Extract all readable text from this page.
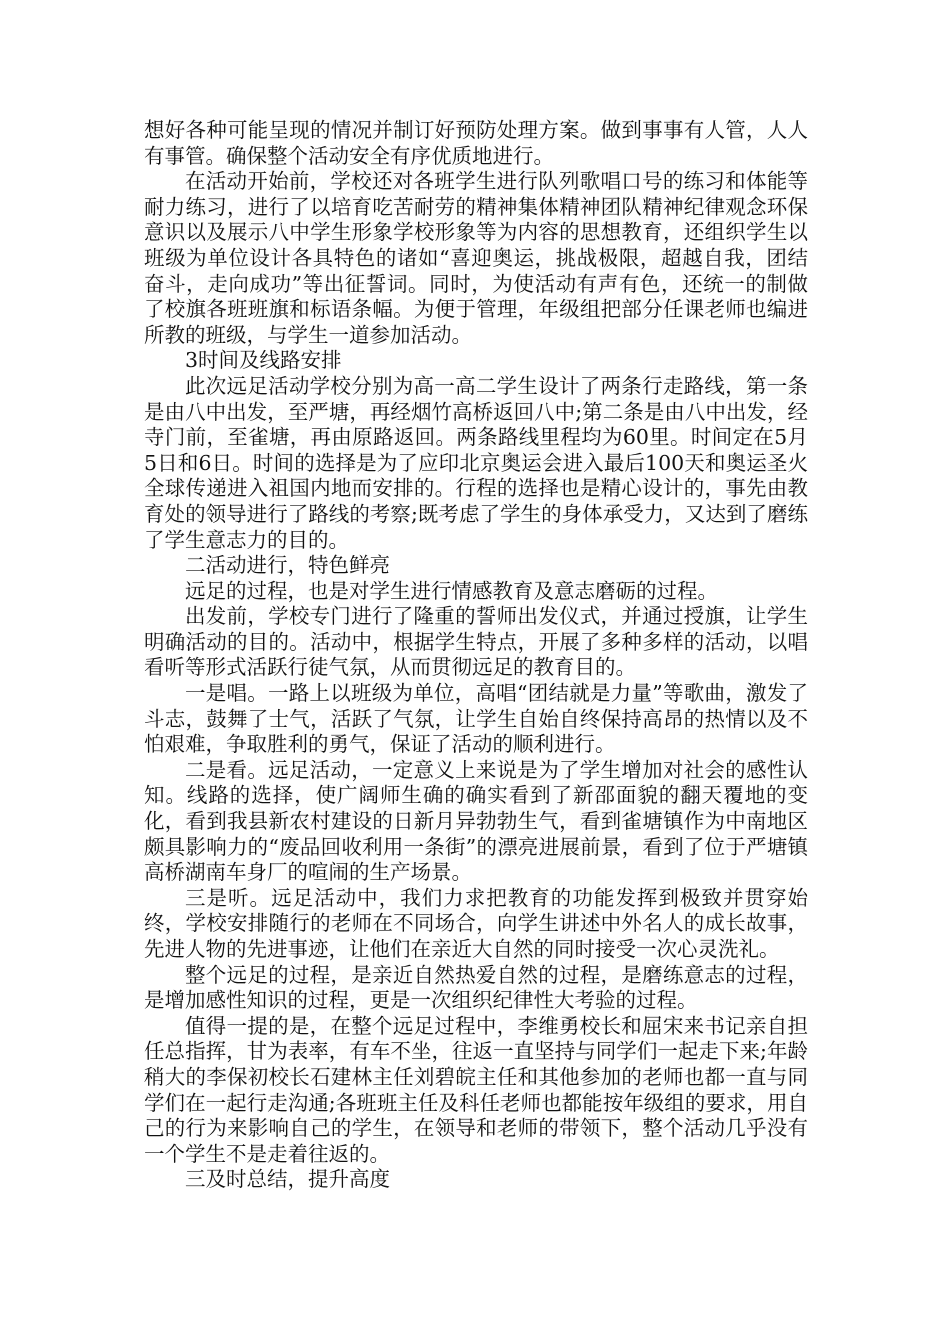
想好各种可能呈现的情况并制订好预防处理方案。做到事事有人管，人人有事管。确保整个活动安全有序优质地进行。

在活动开始前，学校还对各班学生进行队列歌唱口号的练习和体能等耐力练习，进行了以培育吃苦耐劳的精神集体精神团队精神纪律观念环保意识以及展示八中学生形象学校形象等为内容的思想教育，还组织学生以班级为单位设计各具特色的诸如“喜迎奥运，挑战极限，超越自我，团结奋斗，走向成功”等出征誓词。同时，为使活动有声有色，还统一的制做了校旗各班班旗和标语条幅。为便于管理，年级组把部分任课老师也编进所教的班级，与学生一道参加活动。

3时间及线路安排

此次远足活动学校分别为高一高二学生设计了两条行走路线，第一条是由八中出发，至严塘，再经烟竹高桥返回八中;第二条是由八中出发，经寺门前，至雀塘，再由原路返回。两条路线里程均为60里。时间定在5月5日和6日。时间的选择是为了应印北京奥运会进入最后100天和奥运圣火全球传递进入祖国内地而安排的。行程的选择也是精心设计的，事先由教育处的领导进行了路线的考察;既考虑了学生的身体承受力，又达到了磨练了学生意志力的目的。

二活动进行，特色鲜亮

远足的过程，也是对学生进行情感教育及意志磨砺的过程。

出发前，学校专门进行了隆重的誓师出发仪式，并通过授旗，让学生明确活动的目的。活动中，根据学生特点，开展了多种多样的活动，以唱看听等形式活跃行徒气氛，从而贯彻远足的教育目的。

一是唱。一路上以班级为单位，高唱“团结就是力量”等歌曲，激发了斗志，鼓舞了士气，活跃了气氛，让学生自始自终保持高昂的热情以及不怕艰难，争取胜利的勇气，保证了活动的顺利进行。

二是看。远足活动，一定意义上来说是为了学生增加对社会的感性认知。线路的选择，使广阔师生确的确实看到了新邵面貌的翻天覆地的变化，看到我县新农村建设的日新月异勃勃生气，看到雀塘镇作为中南地区颇具影响力的“废品回收利用一条街”的漂亮进展前景，看到了位于严塘镇高桥湖南车身厂的喧闹的生产场景。

三是听。远足活动中，我们力求把教育的功能发挥到极致并贯穿始终，学校安排随行的老师在不同场合，向学生讲述中外名人的成长故事，先进人物的先进事迹，让他们在亲近大自然的同时接受一次心灵洗礼。

整个远足的过程，是亲近自然热爱自然的过程，是磨练意志的过程，是增加感性知识的过程，更是一次组织纪律性大考验的过程。

值得一提的是，在整个远足过程中，李维勇校长和屈宋来书记亲自担任总指挥，甘为表率，有车不坐，往返一直坚持与同学们一起走下来;年龄稍大的李保初校长石建林主任刘碧皖主任和其他参加的老师也都一直与同学们在一起行走沟通;各班班主任及科任老师也都能按年级组的要求，用自己的行为来影响自己的学生，在领导和老师的带领下，整个活动几乎没有一个学生不是走着往返的。

三及时总结，提升高度
